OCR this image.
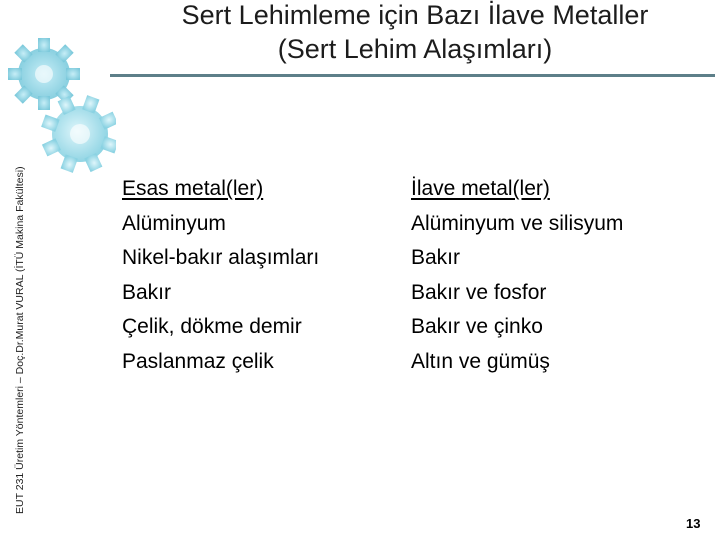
Sert Lehimleme için Bazı İlave Metaller
(Sert Lehim Alaşımları)
EUT 231 Üretim Yöntemleri – Doç.Dr.Murat VURAL (İTÜ Makina Fakültesi)	Esas metal(ler)
Alüminyum
Nikel-bakır alaşımları
Bakır
Çelik, dökme demir
Paslanmaz çelik
İlave metal(ler)
Alüminyum ve silisyum
Bakır
Bakır ve fosfor
Bakır ve çinko
Altın ve gümüş
13
